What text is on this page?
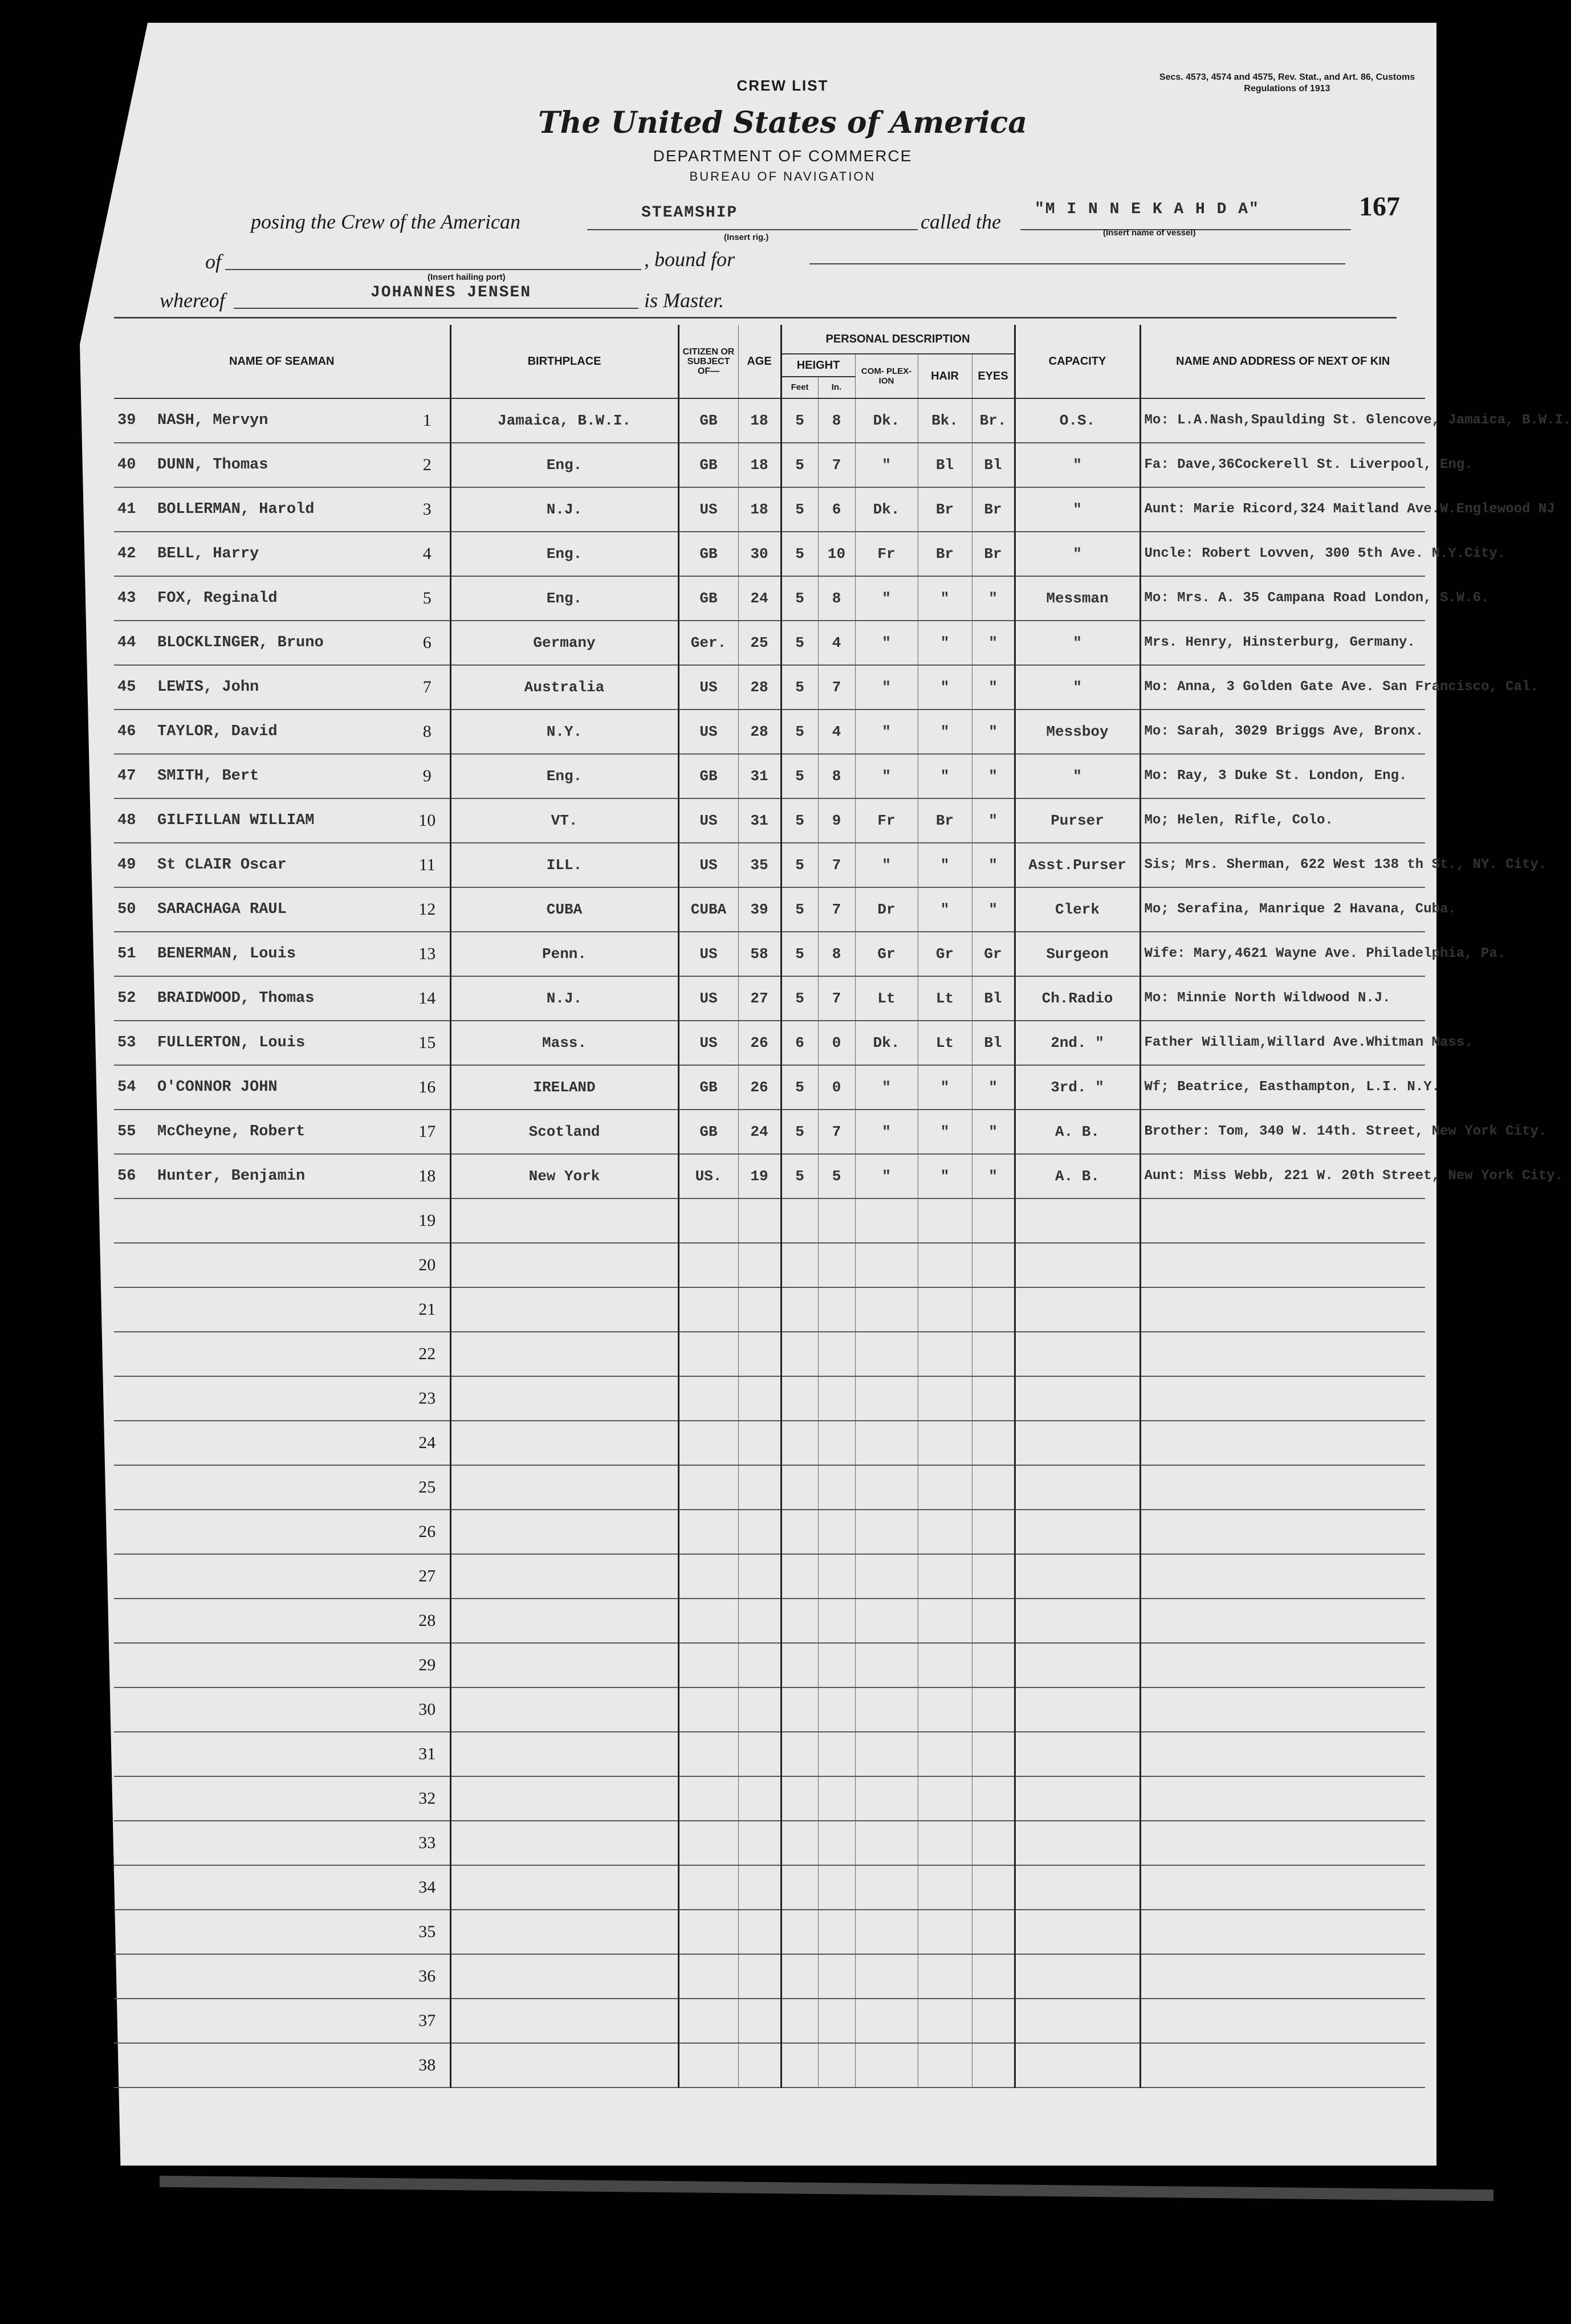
CREW LIST
The United States of America
DEPARTMENT OF COMMERCE
BUREAU OF NAVIGATION
Secs. 4573, 4574 and 4575, Rev. Stat., and Art. 86, Customs Regulations of 1913
167
posing the Crew of the American	STEAMSHIP
(Insert rig.)
called the
"M I N N E K A H D A"
(Insert name of vessel)
of
(Insert hailing port)
, bound for
whereof	JOHANNES JENSEN	is Master.
NAME OF SEAMAN		BIRTHPLACE	CITIZEN OR SUBJECT OF—	AGE	PERSONAL DESCRIPTION					CAPACITY	NAME AND ADDRESS OF NEXT OF KIN
					HEIGHT		COM- PLEX- ION	HAIR	EYES		
					Feet	In.					
39 NASH, Mervyn	1	Jamaica, B.W.I.	GB	18	5	8	Dk.	Bk.	Br.	O.S.	Mo: L.A.Nash,Spaulding St. Glencove, Jamaica, B.W.I.
40 DUNN, Thomas	2	Eng.	GB	18	5	7	"	Bl	Bl	"	Fa: Dave,36Cockerell St. Liverpool, Eng.
41 BOLLERMAN, Harold	3	N.J.	US	18	5	6	Dk.	Br	Br	"	Aunt: Marie Ricord,324 Maitland Ave.W.Englewood NJ
42 BELL, Harry	4	Eng.	GB	30	5	10	Fr	Br	Br	"	Uncle: Robert Lovven, 300 5th Ave. N.Y.City.
43 FOX, Reginald	5	Eng.	GB	24	5	8	"	"	"	Messman	Mo: Mrs. A. 35 Campana Road London, S.W.6.
44 BLOCKLINGER, Bruno	6	Germany	Ger.	25	5	4	"	"	"	"	Mrs. Henry, Hinsterburg, Germany.
45 LEWIS, John	7	Australia	US	28	5	7	"	"	"	"	Mo: Anna, 3 Golden Gate Ave. San Francisco, Cal.
46 TAYLOR, David	8	N.Y.	US	28	5	4	"	"	"	Messboy	Mo: Sarah, 3029 Briggs Ave, Bronx.
47 SMITH, Bert	9	Eng.	GB	31	5	8	"	"	"	"	Mo: Ray, 3 Duke St. London, Eng.
48 GILFILLAN WILLIAM	10	VT.	US	31	5	9	Fr	Br	"	Purser	Mo; Helen, Rifle, Colo.
49 St CLAIR Oscar	11	ILL.	US	35	5	7	"	"	"	Asst.Purser	Sis; Mrs. Sherman, 622 West 138 th St., NY. City.
50 SARACHAGA RAUL	12	CUBA	CUBA	39	5	7	Dr	"	"	Clerk	Mo; Serafina, Manrique 2 Havana, Cuba.
51 BENERMAN, Louis	13	Penn.	US	58	5	8	Gr	Gr	Gr	Surgeon	Wife: Mary,4621 Wayne Ave. Philadelphia, Pa.
52 BRAIDWOOD, Thomas	14	N.J.	US	27	5	7	Lt	Lt	Bl	Ch.Radio	Mo: Minnie North Wildwood N.J.
53 FULLERTON, Louis	15	Mass.	US	26	6	0	Dk.	Lt	Bl	2nd. "	Father William,Willard Ave.Whitman Mass.
54 O'CONNOR JOHN	16	IRELAND	GB	26	5	0	"	"	"	3rd. "	Wf; Beatrice, Easthampton, L.I. N.Y.
55 McCheyne, Robert	17	Scotland	GB	24	5	7	"	"	"	A. B.	Brother: Tom, 340 W. 14th. Street, New York City.
56 Hunter, Benjamin	18	New York	US.	19	5	5	"	"	"	A. B.	Aunt: Miss Webb, 221 W. 20th Street, New York City.
	19										
	20										
	21										
	22										
	23										
	24										
	25										
	26										
	27										
	28										
	29										
	30										
	31										
	32										
	33										
	34										
	35										
	36										
	37										
	38										
